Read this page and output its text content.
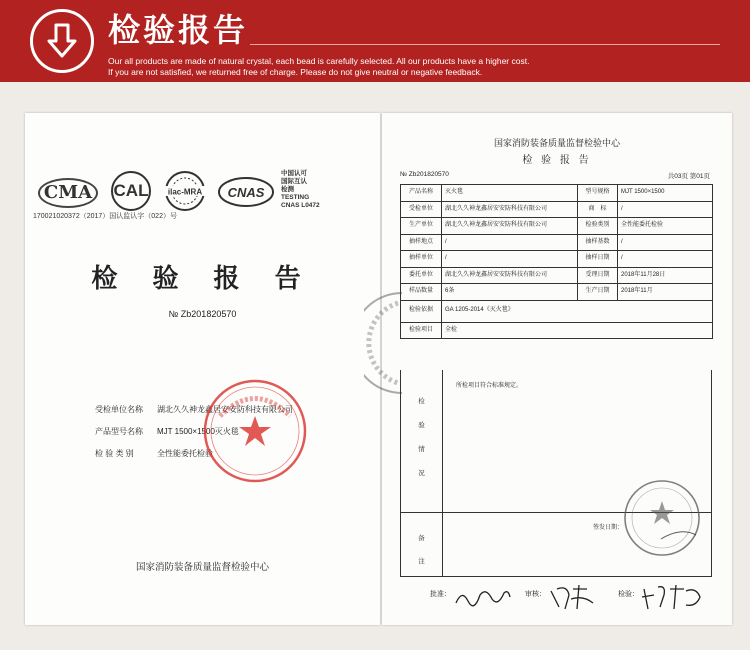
检验报告
Our all products are made of natural crystal, each bead is carefully selected. All our products have a higher cost.
If you are not satisfied, we returned free of charge. Please do not give neutral or negative feedback.
CMA	CAL	ilac-MRA CNAS
中国认可
国际互认
检测
TESTING
CNAS L0472
170021020372（2017）国认监认字（022）号
检 验 报 告
№ Zb201820570
受检单位名称	湖北久久神龙鑫居安安防科技有限公司
产品型号名称	MJT 1500×1500灭火毯
检 验 类 别	全性能委托检验
国家消防装备质量监督检验中心
国家消防装备质量监督检验中心
检 验 报 告
№ Zb201820570	共03页 第01页
产品名称	灭火毯	型号规格	MJT 1500×1500
受检单位	湖北久久神龙鑫居安安防科技有限公司	商　标	/
生产单位	湖北久久神龙鑫居安安防科技有限公司	检验类别	全性能委托检验
抽样地点	/	抽样基数	/
抽样单位	/	抽样日期	/
委托单位	湖北久久神龙鑫居安安防科技有限公司	受理日期	2018年11月28日
样品数量	6条	生产日期	2018年11月
检验依据	GA 1205-2014《灭火毯》		
检验项目	全检		
检
验
情
况
所检项目符合标准规定。
签发日期：
备
注
批准：	审核：	检验：
